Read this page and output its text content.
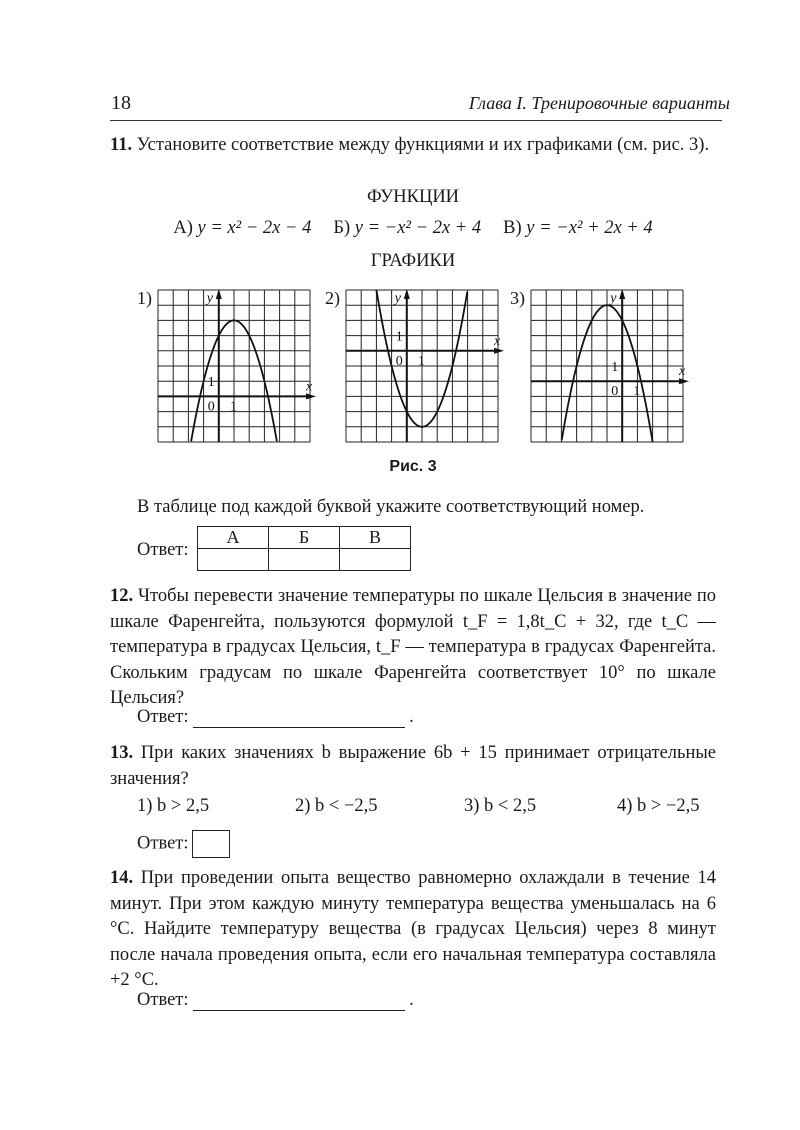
18	Глава I. Тренировочные варианты
11. Установите соответствие между функциями и их графиками (см. рис. 3).
ФУНКЦИИ
А) y = x² − 2x − 4 Б) y = −x² − 2x + 4 В) y = −x² + 2x + 4
ГРАФИКИ
1)	2)	3)
x
y
0 1
1
x
y
0 1
1
x
y
0 1
1
Рис. 3
В таблице под каждой буквой укажите соответствующий номер.
Ответ:
А	Б	В

12. Чтобы перевести значение температуры по шкале Цельсия в значение по шкале Фаренгейта, пользуются формулой t_F = 1,8t_C + 32, где t_C — температура в градусах Цельсия, t_F — температура в градусах Фаренгейта. Скольким градусам по шкале Фаренгейта соответствует 10° по шкале Цельсия?
Ответ:	.
13. При каких значениях b выражение 6b + 15 принимает отрицательные значения?
1) b > 2,5	2) b < −2,5	3) b < 2,5	4) b > −2,5
Ответ:
14. При проведении опыта вещество равномерно охлаждали в течение 14 минут. При этом каждую минуту температура вещества уменьшалась на 6 °С. Найдите температуру вещества (в градусах Цельсия) через 8 минут после начала проведения опыта, если его начальная температура составляла +2 °С.
Ответ:	.
